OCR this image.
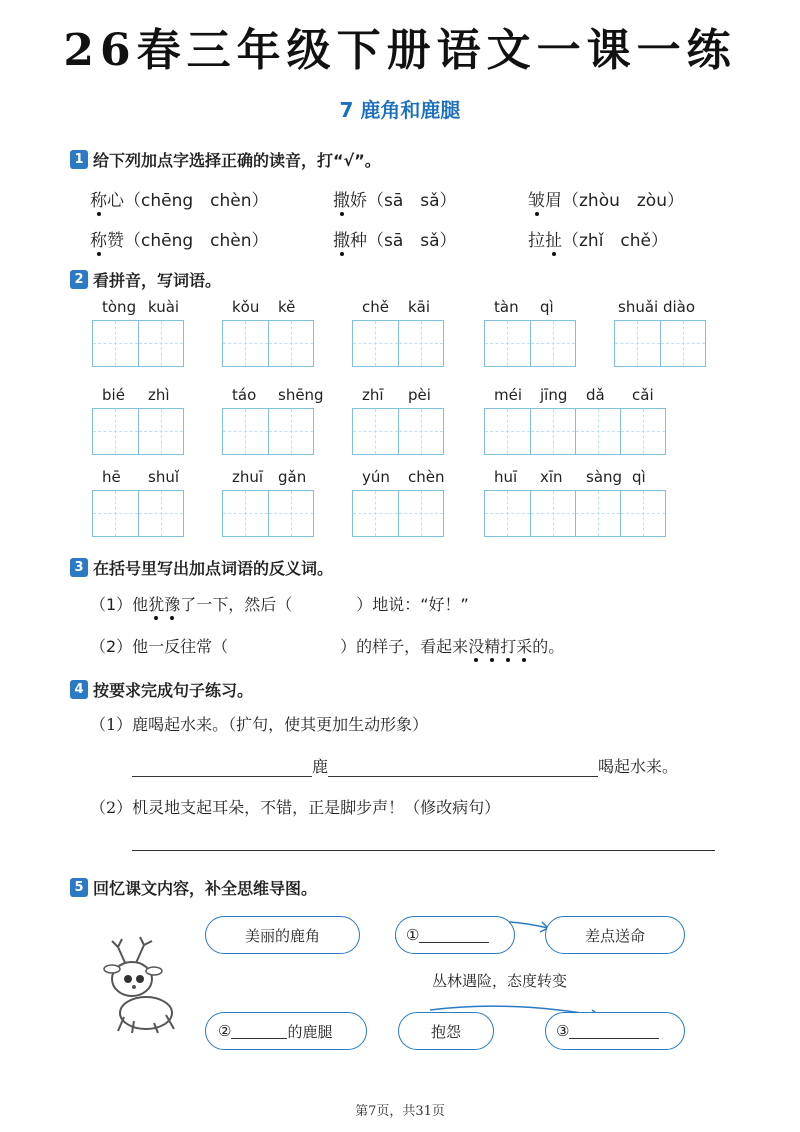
26春三年级下册语文一课一练
7 鹿角和鹿腿
1 给下列加点字选择正确的读音，打“√”。
称心（chēng　chèn）	撒娇（sā　sǎ）	皱眉（zhòu　zòu）
称赞（chēng　chèn）	撒种（sā　sǎ）	拉扯（zhǐ　chě）
2 看拼音，写词语。
tòng kuài	kǒu kě	chě kāi	tàn qì	shuǎi diào
bié zhì	táo shēng	zhī pèi	méi jīng dǎ cǎi
hē shuǐ	zhuī gǎn	yún chèn	huī xīn sàng qì
3 在括号里写出加点词语的反义词。
（1）他犹豫了一下，然后（　　　　）地说：“好！”
（2）他一反往常（　　　　　　　）的样子，看起来没精打采的。
4 按要求完成句子练习。
（1）鹿喝起水来。（扩句，使其更加生动形象）
鹿	喝起水来。
（2）机灵地支起耳朵，不错，正是脚步声！（修改病句）
5 回忆课文内容，补全思维导图。
美丽的鹿角	①	差点送命
丛林遇险，态度转变
②	的鹿腿	抱怨	③
第7页，共31页
